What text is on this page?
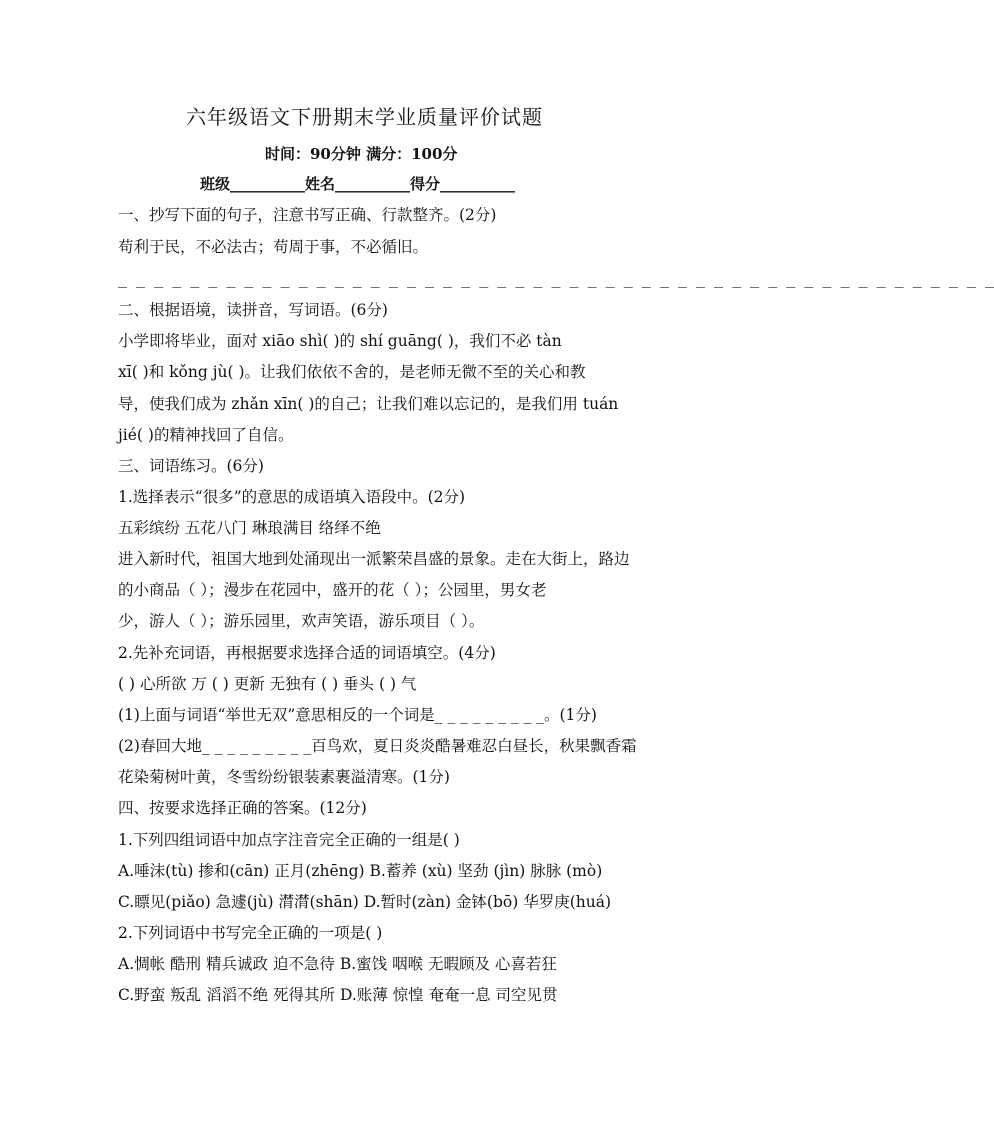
六年级语文下册期末学业质量评价试题
时间：90分钟 满分：100分
班级__________姓名__________得分__________
一、抄写下面的句子，注意书写正确、行款整齐。(2分)
苟利于民，不必法古；苟周于事，不必循旧。
_ _ _ _ _ _ _ _ _ _ _ _ _ _ _ _ _ _ _ _ _ _ _ _ _ _ _ _ _ _ _ _ _ _ _ _ _ _ _ _ _ _ _ _ _ _ _ _ _
二、根据语境，读拼音，写词语。(6分)
小学即将毕业，面对 xiāo shì( )的 shí guāng( )，我们不必 tàn
xī( )和 kǒng jù( )。让我们依依不舍的，是老师无微不至的关心和教
导，使我们成为 zhǎn xīn( )的自己；让我们难以忘记的，是我们用 tuán
jié( )的精神找回了自信。
三、词语练习。(6分)
1.选择表示“很多”的意思的成语填入语段中。(2分)
五彩缤纷 五花八门 琳琅满目 络绎不绝
进入新时代，祖国大地到处涌现出一派繁荣昌盛的景象。走在大街上，路边
的小商品（ ）；漫步在花园中，盛开的花（ ）；公园里，男女老
少，游人（ ）；游乐园里，欢声笑语，游乐项目（ ）。
2.先补充词语，再根据要求选择合适的词语填空。(4分)
( ) 心所欲 万 ( ) 更新 无独有 ( ) 垂头 ( ) 气
(1)上面与词语“举世无双”意思相反的一个词是_ _ _ _ _ _ _ _ _。(1分)
(2)春回大地_ _ _ _ _ _ _ _ _百鸟欢，夏日炎炎酷暑难忍白昼长，秋果飘香霜
花染菊树叶黄，冬雪纷纷银装素裹溢清寒。(1分)
四、按要求选择正确的答案。(12分)
1.下列四组词语中加点字注音完全正确的一组是( )
A.唾沫(tù) 掺和(cān) 正月(zhēng) B.蓄养 (xù) 坚劲 (jìn) 脉脉 (mò)
C.瞟见(piǎo) 急遽(jù) 潸潸(shān) D.暂时(zàn) 金钵(bō) 华罗庚(huá)
2.下列词语中书写完全正确的一项是( )
A.惆帐 酷刑 精兵诚政 迫不急待 B.蜜饯 咽喉 无暇顾及 心喜若狂
C.野蛮 叛乱 滔滔不绝 死得其所 D.账薄 惊惶 奄奄一息 司空见贯
